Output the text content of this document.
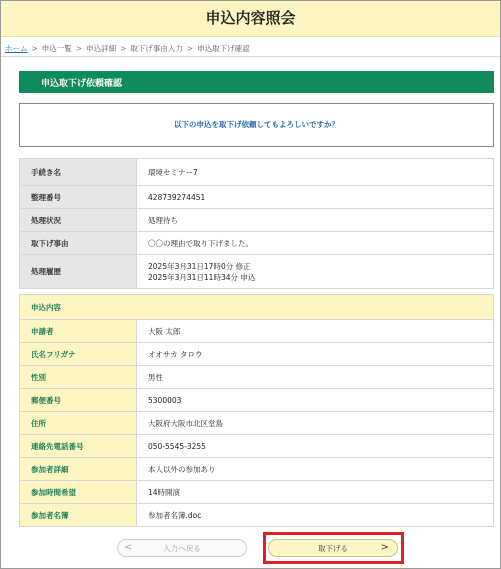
申込内容照会
ホーム > 申込一覧 > 申込詳細 > 取下げ事由入力 > 申込取下げ確認
申込取下げ依頼確認

以下の申込を取下げ依頼してもよろしいですか？

手続き名	環境セミナー7
整理番号	428739274451
処理状況	処理待ち
取下げ事由	〇〇の理由で取り下げました。
処理履歴	2025年3月31日17時0分 修正
2025年3月31日11時34分 申込
申込内容	
申請者	大阪 太郎
氏名フリガナ	オオサカ タロウ
性別	男性
郵便番号	5300003
住所	大阪府大阪市北区堂島
連絡先電話番号	050-5545-3255
参加者詳細	本人以外の参加あり
参加時間希望	14時開演
参加者名簿	参加者名簿.doc
<	入力へ戻る	取下げる	>
